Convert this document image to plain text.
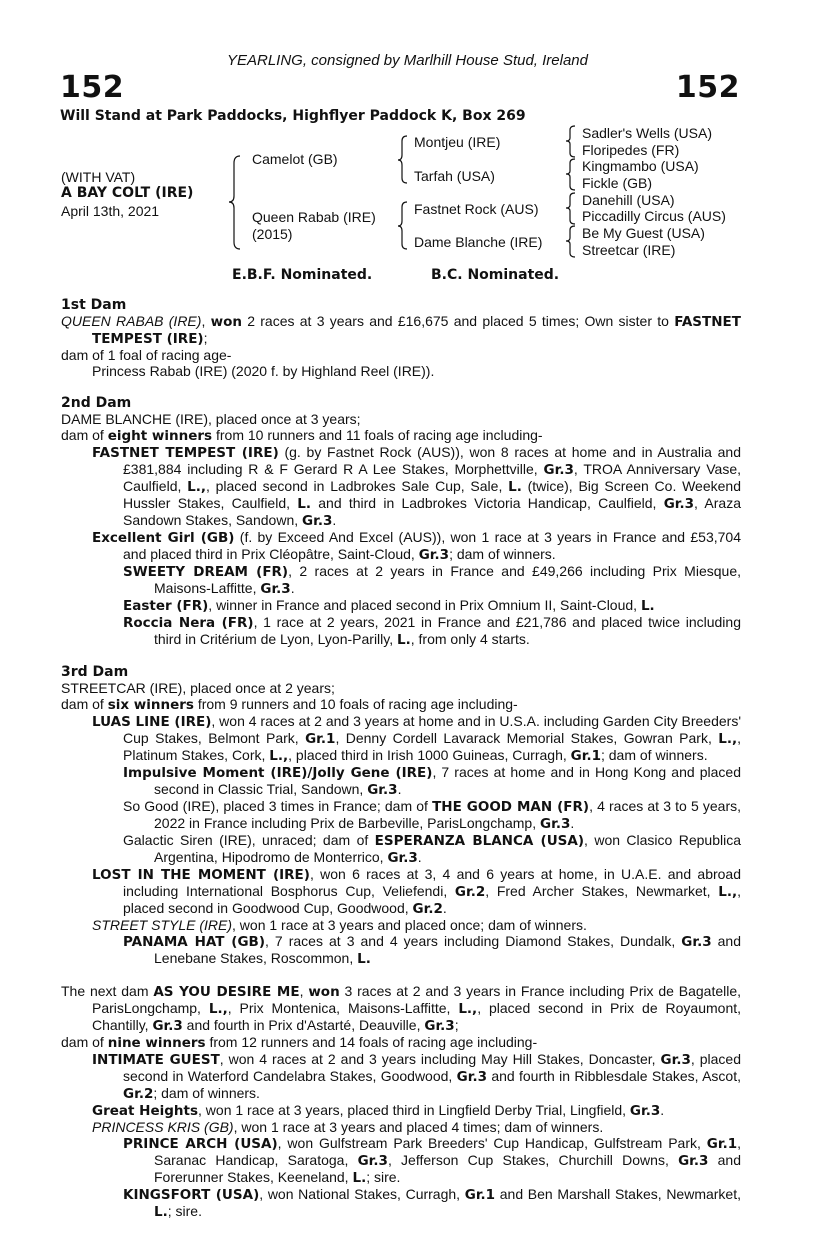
YEARLING, consigned by Marlhill House Stud, Ireland
152	152
Will Stand at Park Paddocks, Highflyer Paddock K, Box 269
(WITH VAT)
A BAY COLT (IRE)
April 13th, 2021
Camelot (GB)
Queen Rabab (IRE)
(2015)
Montjeu (IRE)
Tarfah (USA)
Fastnet Rock (AUS)
Dame Blanche (IRE)
Sadler's Wells (USA)
Floripedes (FR)
Kingmambo (USA)
Fickle (GB)
Danehill (USA)
Piccadilly Circus (AUS)
Be My Guest (USA)
Streetcar (IRE)
E.B.F. Nominated.	B.C. Nominated.

1st Dam

QUEEN RABAB (IRE), won 2 races at 3 years and £16,675 and placed 5 times; Own sister to FASTNET TEMPEST (IRE);

dam of 1 foal of racing age-

Princess Rabab (IRE) (2020 f. by Highland Reel (IRE)).

2nd Dam

DAME BLANCHE (IRE), placed once at 3 years;

dam of eight winners from 10 runners and 11 foals of racing age including-

FASTNET TEMPEST (IRE) (g. by Fastnet Rock (AUS)), won 8 races at home and in Australia and £381,884 including R & F Gerard R A Lee Stakes, Morphettville, Gr.3, TROA Anniversary Vase, Caulfield, L.,, placed second in Ladbrokes Sale Cup, Sale, L. (twice), Big Screen Co. Weekend Hussler Stakes, Caulfield, L. and third in Ladbrokes Victoria Handicap, Caulfield, Gr.3, Araza Sandown Stakes, Sandown, Gr.3.

Excellent Girl (GB) (f. by Exceed And Excel (AUS)), won 1 race at 3 years in France and £53,704 and placed third in Prix Cléopâtre, Saint-Cloud, Gr.3; dam of winners.

SWEETY DREAM (FR), 2 races at 2 years in France and £49,266 including Prix Miesque, Maisons-Laffitte, Gr.3.

Easter (FR), winner in France and placed second in Prix Omnium II, Saint-Cloud, L.

Roccia Nera (FR), 1 race at 2 years, 2021 in France and £21,786 and placed twice including third in Critérium de Lyon, Lyon-Parilly, L., from only 4 starts.

3rd Dam

STREETCAR (IRE), placed once at 2 years;

dam of six winners from 9 runners and 10 foals of racing age including-

LUAS LINE (IRE), won 4 races at 2 and 3 years at home and in U.S.A. including Garden City Breeders' Cup Stakes, Belmont Park, Gr.1, Denny Cordell Lavarack Memorial Stakes, Gowran Park, L.,, Platinum Stakes, Cork, L.,, placed third in Irish 1000 Guineas, Curragh, Gr.1; dam of winners.

Impulsive Moment (IRE)/Jolly Gene (IRE), 7 races at home and in Hong Kong and placed second in Classic Trial, Sandown, Gr.3.

So Good (IRE), placed 3 times in France; dam of THE GOOD MAN (FR), 4 races at 3 to 5 years, 2022 in France including Prix de Barbeville, ParisLongchamp, Gr.3.

Galactic Siren (IRE), unraced; dam of ESPERANZA BLANCA (USA), won Clasico Republica Argentina, Hipodromo de Monterrico, Gr.3.

LOST IN THE MOMENT (IRE), won 6 races at 3, 4 and 6 years at home, in U.A.E. and abroad including International Bosphorus Cup, Veliefendi, Gr.2, Fred Archer Stakes, Newmarket, L.,, placed second in Goodwood Cup, Goodwood, Gr.2.

STREET STYLE (IRE), won 1 race at 3 years and placed once; dam of winners.

PANAMA HAT (GB), 7 races at 3 and 4 years including Diamond Stakes, Dundalk, Gr.3 and Lenebane Stakes, Roscommon, L.

The next dam AS YOU DESIRE ME, won 3 races at 2 and 3 years in France including Prix de Bagatelle, ParisLongchamp, L.,, Prix Montenica, Maisons-Laffitte, L.,, placed second in Prix de Royaumont, Chantilly, Gr.3 and fourth in Prix d'Astarté, Deauville, Gr.3;

dam of nine winners from 12 runners and 14 foals of racing age including-

INTIMATE GUEST, won 4 races at 2 and 3 years including May Hill Stakes, Doncaster, Gr.3, placed second in Waterford Candelabra Stakes, Goodwood, Gr.3 and fourth in Ribblesdale Stakes, Ascot, Gr.2; dam of winners.

Great Heights, won 1 race at 3 years, placed third in Lingfield Derby Trial, Lingfield, Gr.3.

PRINCESS KRIS (GB), won 1 race at 3 years and placed 4 times; dam of winners.

PRINCE ARCH (USA), won Gulfstream Park Breeders' Cup Handicap, Gulfstream Park, Gr.1, Saranac Handicap, Saratoga, Gr.3, Jefferson Cup Stakes, Churchill Downs, Gr.3 and Forerunner Stakes, Keeneland, L.; sire.

KINGSFORT (USA), won National Stakes, Curragh, Gr.1 and Ben Marshall Stakes, Newmarket, L.; sire.
